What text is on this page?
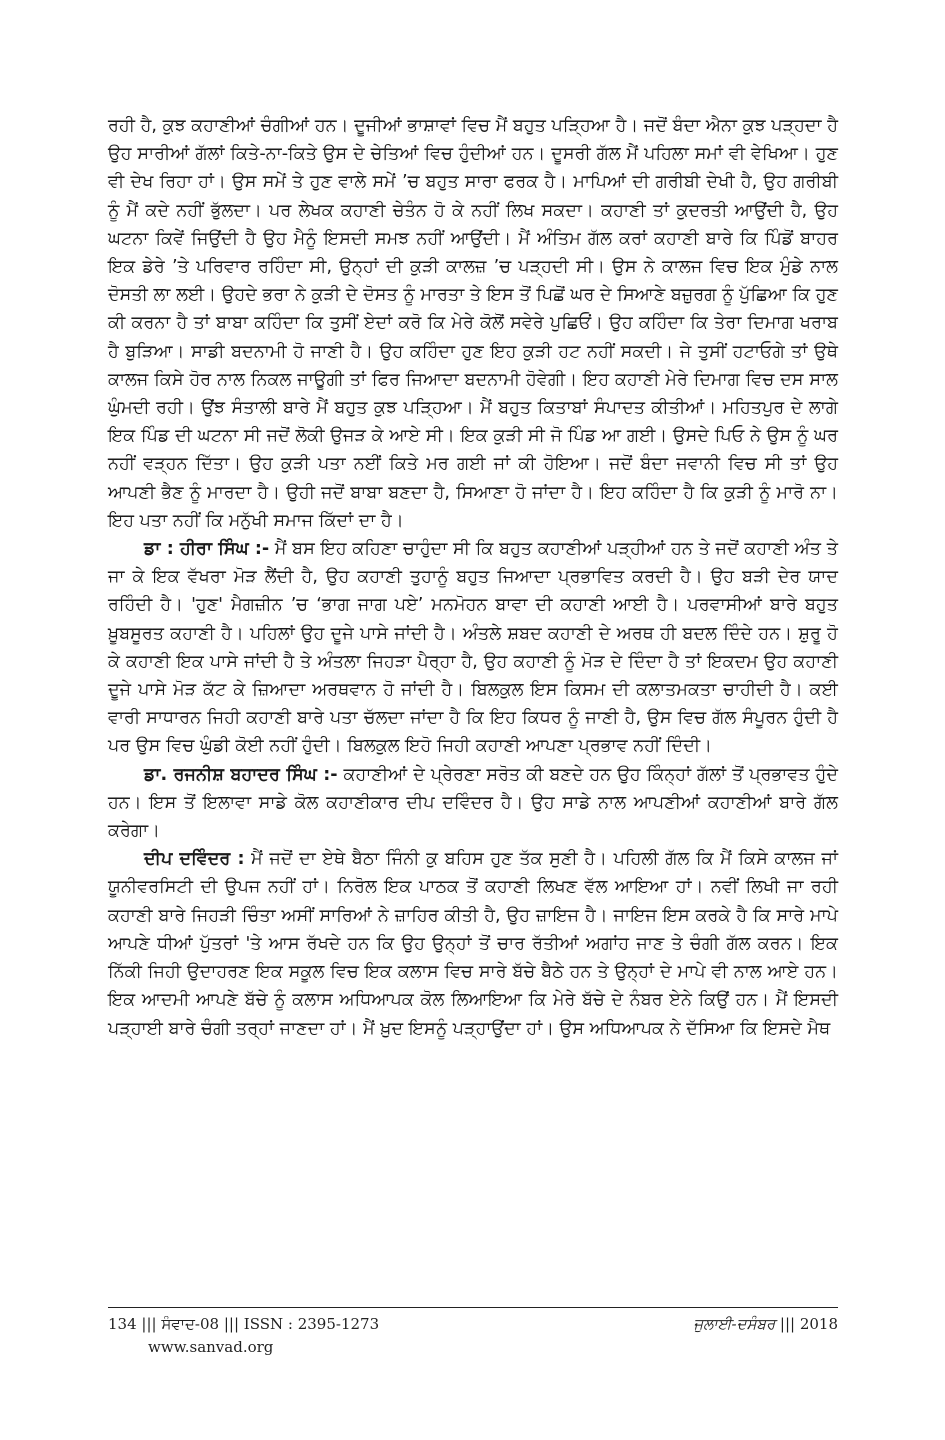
ਰਹੀ ਹੈ, ਕੁਝ ਕਹਾਣੀਆਂ ਚੰਗੀਆਂ ਹਨ। ਦੂਜੀਆਂ ਭਾਸ਼ਾਵਾਂ ਵਿਚ ਮੈਂ ਬਹੁਤ ਪੜ੍ਹਿਆ ਹੈ। ਜਦੋਂ ਬੰਦਾ ਐਨਾ ਕੁਝ ਪੜ੍ਹਦਾ ਹੈ ਉਹ ਸਾਰੀਆਂ ਗੱਲਾਂ ਕਿਤੇ-ਨਾ-ਕਿਤੇ ਉਸ ਦੇ ਚੇਤਿਆਂ ਵਿਚ ਹੁੰਦੀਆਂ ਹਨ। ਦੂਸਰੀ ਗੱਲ ਮੈਂ ਪਹਿਲਾ ਸਮਾਂ ਵੀ ਵੇਖਿਆ। ਹੁਣ ਵੀ ਦੇਖ ਰਿਹਾ ਹਾਂ। ਉਸ ਸਮੇਂ ਤੇ ਹੁਣ ਵਾਲੇ ਸਮੇਂ ’ਚ ਬਹੁਤ ਸਾਰਾ ਫਰਕ ਹੈ। ਮਾਪਿਆਂ ਦੀ ਗਰੀਬੀ ਦੇਖੀ ਹੈ, ਉਹ ਗਰੀਬੀ ਨੂੰ ਮੈਂ ਕਦੇ ਨਹੀਂ ਭੁੱਲਦਾ। ਪਰ ਲੇਖਕ ਕਹਾਣੀ ਚੇਤੰਨ ਹੋ ਕੇ ਨਹੀਂ ਲਿਖ ਸਕਦਾ। ਕਹਾਣੀ ਤਾਂ ਕੁਦਰਤੀ ਆਉਂਦੀ ਹੈ, ਉਹ ਘਟਨਾ ਕਿਵੇਂ ਜਿਉਂਦੀ ਹੈ ਉਹ ਮੈਨੂੰ ਇਸਦੀ ਸਮਝ ਨਹੀਂ ਆਉਂਦੀ। ਮੈਂ ਅੰਤਿਮ ਗੱਲ ਕਰਾਂ ਕਹਾਣੀ ਬਾਰੇ ਕਿ ਪਿੰਡੋਂ ਬਾਹਰ ਇਕ ਡੇਰੇ ’ਤੇ ਪਰਿਵਾਰ ਰਹਿੰਦਾ ਸੀ, ਉਨ੍ਹਾਂ ਦੀ ਕੁੜੀ ਕਾਲਜ਼ ’ਚ ਪੜ੍ਹਦੀ ਸੀ। ਉਸ ਨੇ ਕਾਲਜ ਵਿਚ ਇਕ ਮੁੰਡੇ ਨਾਲ ਦੋਸਤੀ ਲਾ ਲਈ। ਉਹਦੇ ਭਰਾ ਨੇ ਕੁੜੀ ਦੇ ਦੋਸਤ ਨੂੰ ਮਾਰਤਾ ਤੇ ਇਸ ਤੋਂ ਪਿਛੋਂ ਘਰ ਦੇ ਸਿਆਣੇ ਬਜ਼ੁਰਗ ਨੂੰ ਪੁੱਛਿਆ ਕਿ ਹੁਣ ਕੀ ਕਰਨਾ ਹੈ ਤਾਂ ਬਾਬਾ ਕਹਿੰਦਾ ਕਿ ਤੁਸੀਂ ਏਦਾਂ ਕਰੋ ਕਿ ਮੇਰੇ ਕੋਲੋਂ ਸਵੇਰੇ ਪੁਛਿਓਂ। ਉਹ ਕਹਿੰਦਾ ਕਿ ਤੇਰਾ ਦਿਮਾਗ ਖਰਾਬ ਹੈ ਬੁੜਿਆ। ਸਾਡੀ ਬਦਨਾਮੀ ਹੋ ਜਾਣੀ ਹੈ। ਉਹ ਕਹਿੰਦਾ ਹੁਣ ਇਹ ਕੁੜੀ ਹਟ ਨਹੀਂ ਸਕਦੀ। ਜੇ ਤੁਸੀਂ ਹਟਾਓਗੇ ਤਾਂ ਉਥੇ ਕਾਲਜ ਕਿਸੇ ਹੋਰ ਨਾਲ ਨਿਕਲ ਜਾਊਗੀ ਤਾਂ ਫਿਰ ਜਿਆਦਾ ਬਦਨਾਮੀ ਹੋਵੇਗੀ। ਇਹ ਕਹਾਣੀ ਮੇਰੇ ਦਿਮਾਗ ਵਿਚ ਦਸ ਸਾਲ ਘੁੰਮਦੀ ਰਹੀ। ਉਂਝ ਸੰਤਾਲੀ ਬਾਰੇ ਮੈਂ ਬਹੁਤ ਕੁਝ ਪੜ੍ਹਿਆ। ਮੈਂ ਬਹੁਤ ਕਿਤਾਬਾਂ ਸੰਪਾਦਤ ਕੀਤੀਆਂ। ਮਹਿਤਪੁਰ ਦੇ ਲਾਗੇ ਇਕ ਪਿੰਡ ਦੀ ਘਟਨਾ ਸੀ ਜਦੋਂ ਲੋਕੀ ਉਜੜ ਕੇ ਆਏ ਸੀ। ਇਕ ਕੁੜੀ ਸੀ ਜੋ ਪਿੰਡ ਆ ਗਈ। ਉਸਦੇ ਪਿਓ ਨੇ ਉਸ ਨੂੰ ਘਰ ਨਹੀਂ ਵੜ੍ਹਨ ਦਿੱਤਾ। ਉਹ ਕੁੜੀ ਪਤਾ ਨਈਂ ਕਿਤੇ ਮਰ ਗਈ ਜਾਂ ਕੀ ਹੋਇਆ। ਜਦੋਂ ਬੰਦਾ ਜਵਾਨੀ ਵਿਚ ਸੀ ਤਾਂ ਉਹ ਆਪਣੀ ਭੈਣ ਨੂੰ ਮਾਰਦਾ ਹੈ। ਉਹੀ ਜਦੋਂ ਬਾਬਾ ਬਣਦਾ ਹੈ, ਸਿਆਣਾ ਹੋ ਜਾਂਦਾ ਹੈ। ਇਹ ਕਹਿੰਦਾ ਹੈ ਕਿ ਕੁੜੀ ਨੂੰ ਮਾਰੋ ਨਾ। ਇਹ ਪਤਾ ਨਹੀਂ ਕਿ ਮਨੁੱਖੀ ਸਮਾਜ ਕਿੱਦਾਂ ਦਾ ਹੈ।

ਡਾ : ਹੀਰਾ ਸਿੰਘ :- ਮੈਂ ਬਸ ਇਹ ਕਹਿਣਾ ਚਾਹੁੰਦਾ ਸੀ ਕਿ ਬਹੁਤ ਕਹਾਣੀਆਂ ਪੜ੍ਹੀਆਂ ਹਨ ਤੇ ਜਦੋਂ ਕਹਾਣੀ ਅੰਤ ਤੇ ਜਾ ਕੇ ਇਕ ਵੱਖਰਾ ਮੋੜ ਲੈਂਦੀ ਹੈ, ਉਹ ਕਹਾਣੀ ਤੁਹਾਨੂੰ ਬਹੁਤ ਜਿਆਦਾ ਪ੍ਰਭਾਵਿਤ ਕਰਦੀ ਹੈ। ਉਹ ਬੜੀ ਦੇਰ ਯਾਦ ਰਹਿੰਦੀ ਹੈ। 'ਹੁਣ' ਮੈਗਜ਼ੀਨ ’ਚ ‘ਭਾਗ ਜਾਗ ਪਏ’ ਮਨਮੋਹਨ ਬਾਵਾ ਦੀ ਕਹਾਣੀ ਆਈ ਹੈ। ਪਰਵਾਸੀਆਂ ਬਾਰੇ ਬਹੁਤ ਖ਼ੂਬਸੂਰਤ ਕਹਾਣੀ ਹੈ। ਪਹਿਲਾਂ ਉਹ ਦੂਜੇ ਪਾਸੇ ਜਾਂਦੀ ਹੈ। ਅੰਤਲੇ ਸ਼ਬਦ ਕਹਾਣੀ ਦੇ ਅਰਥ ਹੀ ਬਦਲ ਦਿੰਦੇ ਹਨ। ਸ਼ੁਰੂ ਹੋ ਕੇ ਕਹਾਣੀ ਇਕ ਪਾਸੇ ਜਾਂਦੀ ਹੈ ਤੇ ਅੰਤਲਾ ਜਿਹੜਾ ਪੈਰ੍ਹਾ ਹੈ, ਉਹ ਕਹਾਣੀ ਨੂੰ ਮੋੜ ਦੇ ਦਿੰਦਾ ਹੈ ਤਾਂ ਇਕਦਮ ਉਹ ਕਹਾਣੀ ਦੂਜੇ ਪਾਸੇ ਮੋੜ ਕੱਟ ਕੇ ਜ਼ਿਆਦਾ ਅਰਥਵਾਨ ਹੋ ਜਾਂਦੀ ਹੈ। ਬਿਲਕੁਲ ਇਸ ਕਿਸਮ ਦੀ ਕਲਾਤਮਕਤਾ ਚਾਹੀਦੀ ਹੈ। ਕਈ ਵਾਰੀ ਸਾਧਾਰਨ ਜਿਹੀ ਕਹਾਣੀ ਬਾਰੇ ਪਤਾ ਚੱਲਦਾ ਜਾਂਦਾ ਹੈ ਕਿ ਇਹ ਕਿਧਰ ਨੂੰ ਜਾਣੀ ਹੈ, ਉਸ ਵਿਚ ਗੱਲ ਸੰਪੂਰਨ ਹੁੰਦੀ ਹੈ ਪਰ ਉਸ ਵਿਚ ਘੁੰਡੀ ਕੋਈ ਨਹੀਂ ਹੁੰਦੀ। ਬਿਲਕੁਲ ਇਹੋ ਜਿਹੀ ਕਹਾਣੀ ਆਪਣਾ ਪ੍ਰਭਾਵ ਨਹੀਂ ਦਿੰਦੀ।

ਡਾ. ਰਜਨੀਸ਼ ਬਹਾਦਰ ਸਿੰਘ :- ਕਹਾਣੀਆਂ ਦੇ ਪ੍ਰੇਰਣਾ ਸਰੋਤ ਕੀ ਬਣਦੇ ਹਨ ਉਹ ਕਿੰਨ੍ਹਾਂ ਗੱਲਾਂ ਤੋਂ ਪ੍ਰਭਾਵਤ ਹੁੰਦੇ ਹਨ। ਇਸ ਤੋਂ ਇਲਾਵਾ ਸਾਡੇ ਕੋਲ ਕਹਾਣੀਕਾਰ ਦੀਪ ਦਵਿੰਦਰ ਹੈ। ਉਹ ਸਾਡੇ ਨਾਲ ਆਪਣੀਆਂ ਕਹਾਣੀਆਂ ਬਾਰੇ ਗੱਲ ਕਰੇਗਾ।

ਦੀਪ ਦਵਿੰਦਰ : ਮੈਂ ਜਦੋਂ ਦਾ ਏਥੇ ਬੈਠਾ ਜਿੰਨੀ ਕੁ ਬਹਿਸ ਹੁਣ ਤੱਕ ਸੁਣੀ ਹੈ। ਪਹਿਲੀ ਗੱਲ ਕਿ ਮੈਂ ਕਿਸੇ ਕਾਲਜ ਜਾਂ ਯੂਨੀਵਰਸਿਟੀ ਦੀ ਉਪਜ ਨਹੀਂ ਹਾਂ। ਨਿਰੋਲ ਇਕ ਪਾਠਕ ਤੋਂ ਕਹਾਣੀ ਲਿਖਣ ਵੱਲ ਆਇਆ ਹਾਂ। ਨਵੀਂ ਲਿਖੀ ਜਾ ਰਹੀ ਕਹਾਣੀ ਬਾਰੇ ਜਿਹੜੀ ਚਿੰਤਾ ਅਸੀਂ ਸਾਰਿਆਂ ਨੇ ਜ਼ਾਹਿਰ ਕੀਤੀ ਹੈ, ਉਹ ਜ਼ਾਇਜ ਹੈ। ਜਾਇਜ ਇਸ ਕਰਕੇ ਹੈ ਕਿ ਸਾਰੇ ਮਾਪੇ ਆਪਣੇ ਧੀਆਂ ਪੁੱਤਰਾਂ 'ਤੇ ਆਸ ਰੱਖਦੇ ਹਨ ਕਿ ਉਹ ਉਨ੍ਹਾਂ ਤੋਂ ਚਾਰ ਰੱਤੀਆਂ ਅਗਾਂਹ ਜਾਣ ਤੇ ਚੰਗੀ ਗੱਲ ਕਰਨ। ਇਕ ਨਿੱਕੀ ਜਿਹੀ ਉਦਾਹਰਣ ਇਕ ਸਕੂਲ ਵਿਚ ਇਕ ਕਲਾਸ ਵਿਚ ਸਾਰੇ ਬੱਚੇ ਬੈਠੇ ਹਨ ਤੇ ਉਨ੍ਹਾਂ ਦੇ ਮਾਪੇ ਵੀ ਨਾਲ ਆਏ ਹਨ। ਇਕ ਆਦਮੀ ਆਪਣੇ ਬੱਚੇ ਨੂੰ ਕਲਾਸ ਅਧਿਆਪਕ ਕੋਲ ਲਿਆਇਆ ਕਿ ਮੇਰੇ ਬੱਚੇ ਦੇ ਨੰਬਰ ਏਨੇ ਕਿਉਂ ਹਨ। ਮੈਂ ਇਸਦੀ ਪੜ੍ਹਾਈ ਬਾਰੇ ਚੰਗੀ ਤਰ੍ਹਾਂ ਜਾਣਦਾ ਹਾਂ। ਮੈਂ ਖ਼ੁਦ ਇਸਨੂੰ ਪੜ੍ਹਾਉਂਦਾ ਹਾਂ। ਉਸ ਅਧਿਆਪਕ ਨੇ ਦੱਸਿਆ ਕਿ ਇਸਦੇ ਮੈਥ

134 ||| ਸੰਵਾਦ-08 ||| ISSN : 2395-1273	ਜੁਲਾਈ-ਦਸੰਬਰ ||| 2018
www.sanvad.org
